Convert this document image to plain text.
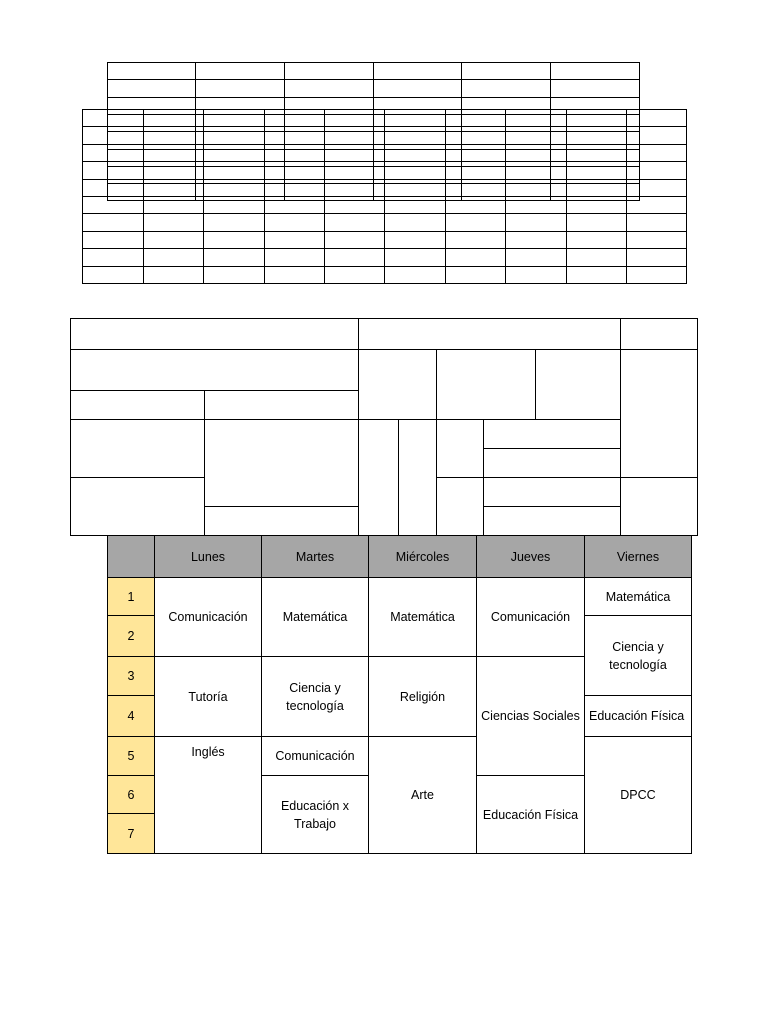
	Lunes	Martes	Miércoles	Jueves	Viernes
1	Comunicación	Matemática	Matemática	Comunicación	Matemática
2					Ciencia y tecnología
3	Tutoría	Ciencia y tecnología	Religión	Ciencias Sociales	
4					Educación Física
5	Inglés	Comunicación	Arte		DPCC
6		Educación x Trabajo		Educación Física	
7					
